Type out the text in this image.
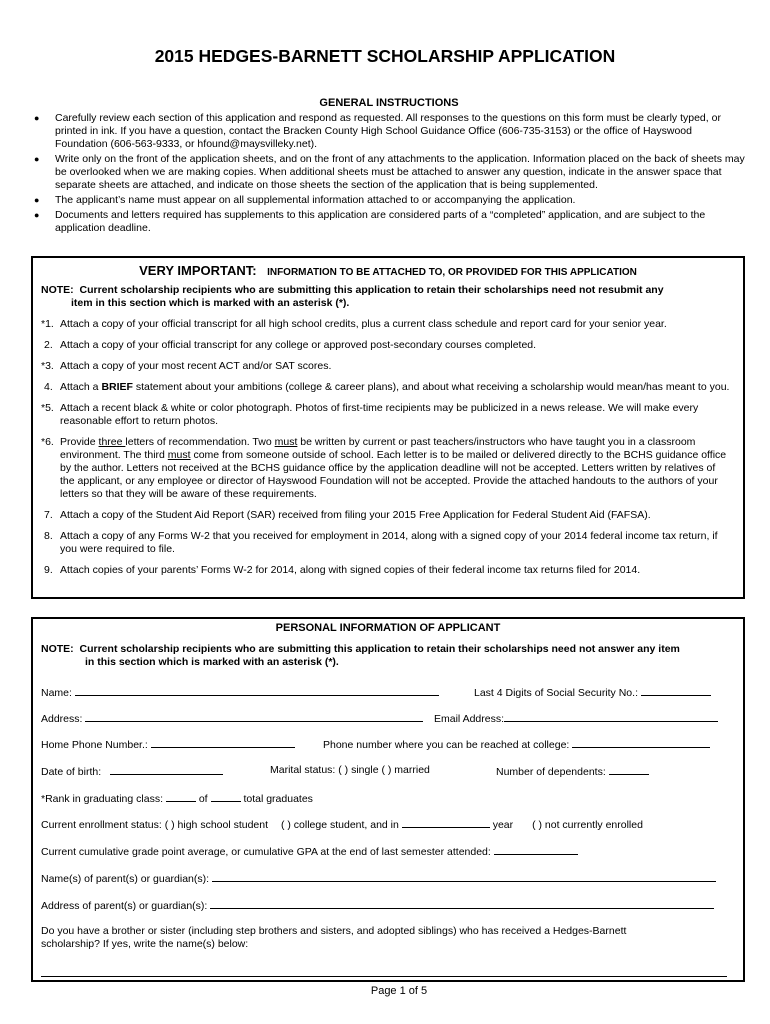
2015 HEDGES-BARNETT SCHOLARSHIP APPLICATION
GENERAL INSTRUCTIONS
● Carefully review each section of this application and respond as requested. All responses to the questions on this form must be clearly typed, or printed in ink. If you have a question, contact the Bracken County High School Guidance Office (606-735-3153) or the office of Hayswood Foundation (606-563-9333, or hfound@maysvilleky.net).
● Write only on the front of the application sheets, and on the front of any attachments to the application. Information placed on the back of sheets may be overlooked when we are making copies. When additional sheets must be attached to answer any question, indicate in the answer space that separate sheets are attached, and indicate on those sheets the section of the application that is being supplemented.
● The applicant’s name must appear on all supplemental information attached to or accompanying the application.
● Documents and letters required has supplements to this application are considered parts of a “completed” application, and are subject to the application deadline.
VERY IMPORTANT: INFORMATION TO BE ATTACHED TO, OR PROVIDED FOR THIS APPLICATION
NOTE: Current scholarship recipients who are submitting this application to retain their scholarships need not resubmit any
item in this section which is marked with an asterisk (*).
*1. Attach a copy of your official transcript for all high school credits, plus a current class schedule and report card for your senior year.
2. Attach a copy of your official transcript for any college or approved post-secondary courses completed.
*3. Attach a copy of your most recent ACT and/or SAT scores.
4. Attach a BRIEF statement about your ambitions (college & career plans), and about what receiving a scholarship would mean/has meant to you.
*5. Attach a recent black & white or color photograph. Photos of first-time recipients may be publicized in a news release. We will make every reasonable effort to return photos.
*6. Provide three letters of recommendation. Two must be written by current or past teachers/instructors who have taught you in a classroom environment. The third must come from someone outside of school. Each letter is to be mailed or delivered directly to the BCHS guidance office by the author. Letters not received at the BCHS guidance office by the application deadline will not be accepted. Letters written by relatives of the applicant, or any employee or director of Hayswood Foundation will not be accepted. Provide the attached handouts to the authors of your letters so that they will be aware of these requirements.
7. Attach a copy of the Student Aid Report (SAR) received from filing your 2015 Free Application for Federal Student Aid (FAFSA).
8. Attach a copy of any Forms W-2 that you received for employment in 2014, along with a signed copy of your 2014 federal income tax return, if you were required to file.
9. Attach copies of your parents’ Forms W-2 for 2014, along with signed copies of their federal income tax returns filed for 2014.
PERSONAL INFORMATION OF APPLICANT
NOTE: Current scholarship recipients who are submitting this application to retain their scholarships need not answer any item
in this section which is marked with an asterisk (*).
Name:	Last 4 Digits of Social Security No.:
Address:	Email Address:
Home Phone Number.:	Phone number where you can be reached at college:
Date of birth:	Marital status: ( ) single ( ) married	Number of dependents:
*Rank in graduating class:	of	total graduates
Current enrollment status: ( ) high school student ( ) college student, and in	year ( ) not currently enrolled
Current cumulative grade point average, or cumulative GPA at the end of last semester attended:
Name(s) of parent(s) or guardian(s):
Address of parent(s) or guardian(s):
Do you have a brother or sister (including step brothers and sisters, and adopted siblings) who has received a Hedges-Barnett
scholarship? If yes, write the name(s) below:
Page 1 of 5
